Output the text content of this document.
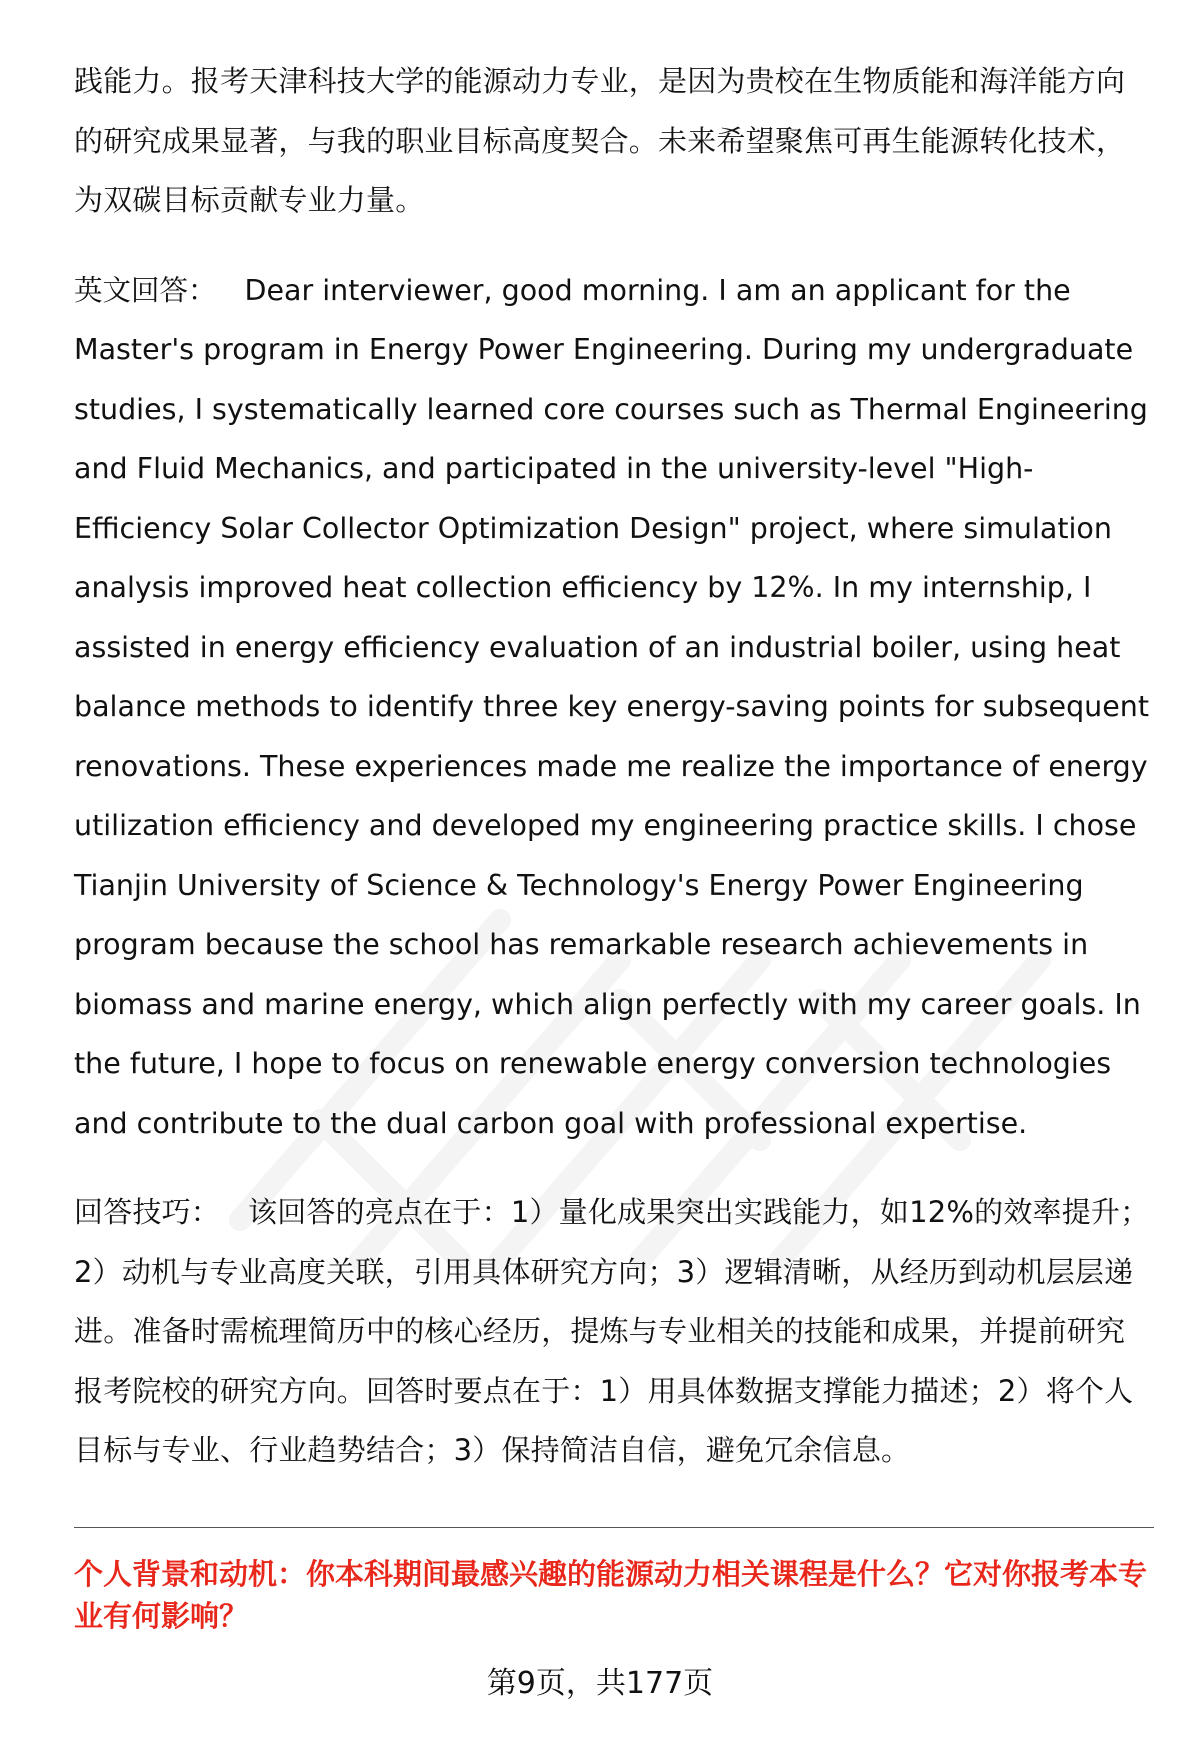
践能力。报考天津科技大学的能源动力专业，是因为贵校在生物质能和海洋能方向的研究成果显著，与我的职业目标高度契合。未来希望聚焦可再生能源转化技术，为双碳目标贡献专业力量。

英文回答： Dear interviewer, good morning. I am an applicant for the Master's program in Energy Power Engineering. During my undergraduate studies, I systematically learned core courses such as Thermal Engineering and Fluid Mechanics, and participated in the university-level "High-Efficiency Solar Collector Optimization Design" project, where simulation analysis improved heat collection efficiency by 12%. In my internship, I assisted in energy efficiency evaluation of an industrial boiler, using heat balance methods to identify three key energy-saving points for subsequent renovations. These experiences made me realize the importance of energy utilization efficiency and developed my engineering practice skills. I chose Tianjin University of Science & Technology's Energy Power Engineering program because the school has remarkable research achievements in biomass and marine energy, which align perfectly with my career goals. In the future, I hope to focus on renewable energy conversion technologies and contribute to the dual carbon goal with professional expertise.

回答技巧： 该回答的亮点在于：1）量化成果突出实践能力，如12%的效率提升；2）动机与专业高度关联，引用具体研究方向；3）逻辑清晰，从经历到动机层层递进。准备时需梳理简历中的核心经历，提炼与专业相关的技能和成果，并提前研究报考院校的研究方向。回答时要点在于：1）用具体数据支撑能力描述；2）将个人目标与专业、行业趋势结合；3）保持简洁自信，避免冗余信息。

个人背景和动机：你本科期间最感兴趣的能源动力相关课程是什么？它对你报考本专业有何影响？

第9页，共177页
